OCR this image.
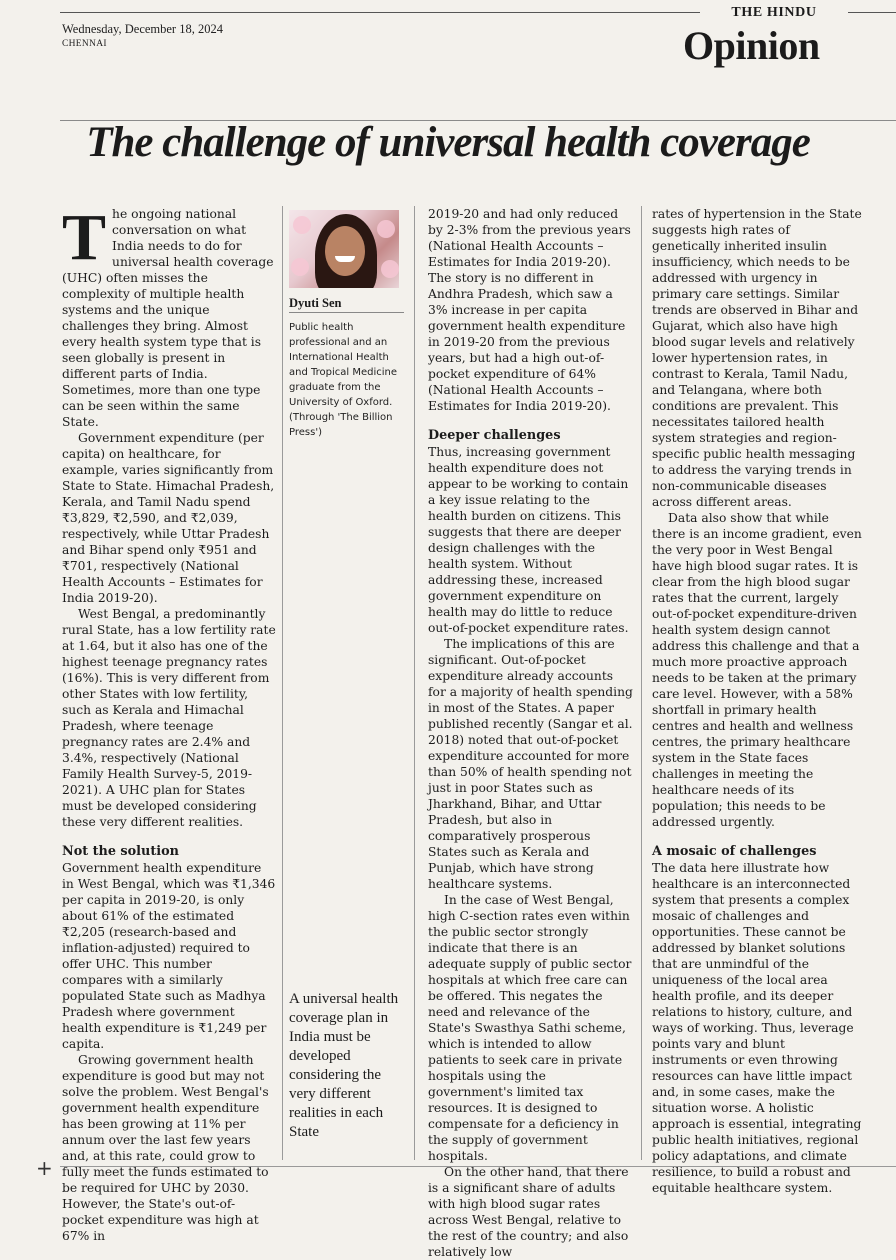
Wednesday, December 18, 2024
CHENNAI
THE HINDU
Opinion
The challenge of universal health coverage
T he ongoing national conversation on what India needs to do for universal health coverage (UHC) often misses the complexity of multiple health systems and the unique challenges they bring. Almost every health system type that is seen globally is present in different parts of India. Sometimes, more than one type can be seen within the same State.

Government expenditure (per capita) on healthcare, for example, varies significantly from State to State. Himachal Pradesh, Kerala, and Tamil Nadu spend ₹3,829, ₹2,590, and ₹2,039, respectively, while Uttar Pradesh and Bihar spend only ₹951 and ₹701, respectively (National Health Accounts – Estimates for India 2019-20).

West Bengal, a predominantly rural State, has a low fertility rate at 1.64, but it also has one of the highest teenage pregnancy rates (16%). This is very different from other States with low fertility, such as Kerala and Himachal Pradesh, where teenage pregnancy rates are 2.4% and 3.4%, respectively (National Family Health Survey-5, 2019-2021). A UHC plan for States must be developed considering these very different realities.

Not the solution

Government health expenditure in West Bengal, which was ₹1,346 per capita in 2019-20, is only about 61% of the estimated ₹2,205 (research-based and inflation-adjusted) required to offer UHC. This number compares with a similarly populated State such as Madhya Pradesh where government health expenditure is ₹1,249 per capita.

Growing government health expenditure is good but may not solve the problem. West Bengal's government health expenditure has been growing at 11% per annum over the last few years and, at this rate, could grow to fully meet the funds estimated to be required for UHC by 2030. However, the State's out-of-pocket expenditure was high at 67% in

Dyuti Sen
Public health professional and an International Health and Tropical Medicine graduate from the University of Oxford. (Through 'The Billion Press')
A universal health coverage plan in India must be developed considering the very different realities in each State

2019-20 and had only reduced by 2-3% from the previous years (National Health Accounts – Estimates for India 2019-20). The story is no different in Andhra Pradesh, which saw a 3% increase in per capita government health expenditure in 2019-20 from the previous years, but had a high out-of-pocket expenditure of 64% (National Health Accounts – Estimates for India 2019-20).

Deeper challenges

Thus, increasing government health expenditure does not appear to be working to contain a key issue relating to the health burden on citizens. This suggests that there are deeper design challenges with the health system. Without addressing these, increased government expenditure on health may do little to reduce out-of-pocket expenditure rates.

The implications of this are significant. Out-of-pocket expenditure already accounts for a majority of health spending in most of the States. A paper published recently (Sangar et al. 2018) noted that out-of-pocket expenditure accounted for more than 50% of health spending not just in poor States such as Jharkhand, Bihar, and Uttar Pradesh, but also in comparatively prosperous States such as Kerala and Punjab, which have strong healthcare systems.

In the case of West Bengal, high C-section rates even within the public sector strongly indicate that there is an adequate supply of public sector hospitals at which free care can be offered. This negates the need and relevance of the State's Swasthya Sathi scheme, which is intended to allow patients to seek care in private hospitals using the government's limited tax resources. It is designed to compensate for a deficiency in the supply of government hospitals.

On the other hand, that there is a significant share of adults with high blood sugar rates across West Bengal, relative to the rest of the country; and also relatively low

rates of hypertension in the State suggests high rates of genetically inherited insulin insufficiency, which needs to be addressed with urgency in primary care settings. Similar trends are observed in Bihar and Gujarat, which also have high blood sugar levels and relatively lower hypertension rates, in contrast to Kerala, Tamil Nadu, and Telangana, where both conditions are prevalent. This necessitates tailored health system strategies and region-specific public health messaging to address the varying trends in non-communicable diseases across different areas.

Data also show that while there is an income gradient, even the very poor in West Bengal have high blood sugar rates. It is clear from the high blood sugar rates that the current, largely out-of-pocket expenditure-driven health system design cannot address this challenge and that a much more proactive approach needs to be taken at the primary care level. However, with a 58% shortfall in primary health centres and health and wellness centres, the primary healthcare system in the State faces challenges in meeting the healthcare needs of its population; this needs to be addressed urgently.

A mosaic of challenges

The data here illustrate how healthcare is an interconnected system that presents a complex mosaic of challenges and opportunities. These cannot be addressed by blanket solutions that are unmindful of the uniqueness of the local area health profile, and its deeper relations to history, culture, and ways of working. Thus, leverage points vary and blunt instruments or even throwing resources can have little impact and, in some cases, make the situation worse. A holistic approach is essential, integrating public health initiatives, regional policy adaptations, and climate resilience, to build a robust and equitable healthcare system.

+
